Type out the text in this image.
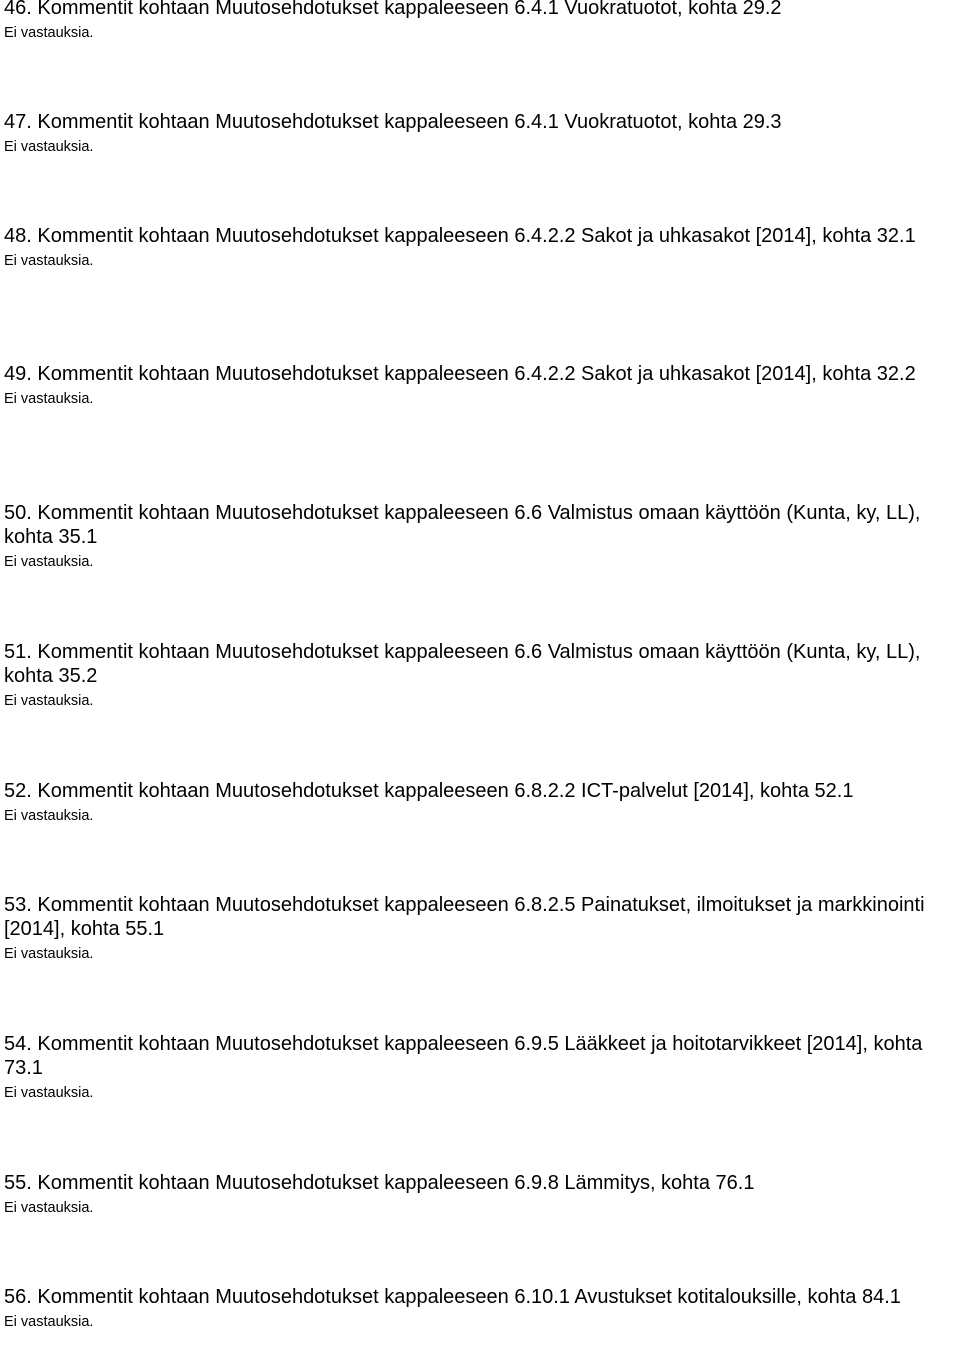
46. Kommentit kohtaan Muutosehdotukset kappaleeseen 6.4.1 Vuokratuotot, kohta 29.2

Ei vastauksia.

47. Kommentit kohtaan Muutosehdotukset kappaleeseen 6.4.1 Vuokratuotot, kohta 29.3

Ei vastauksia.

48. Kommentit kohtaan Muutosehdotukset kappaleeseen 6.4.2.2 Sakot ja uhkasakot [2014], kohta 32.1

Ei vastauksia.

49. Kommentit kohtaan Muutosehdotukset kappaleeseen 6.4.2.2 Sakot ja uhkasakot [2014], kohta 32.2

Ei vastauksia.

50. Kommentit kohtaan Muutosehdotukset kappaleeseen 6.6 Valmistus omaan käyttöön (Kunta, ky, LL), kohta 35.1

Ei vastauksia.

51. Kommentit kohtaan Muutosehdotukset kappaleeseen 6.6 Valmistus omaan käyttöön (Kunta, ky, LL), kohta 35.2

Ei vastauksia.

52. Kommentit kohtaan Muutosehdotukset kappaleeseen 6.8.2.2 ICT-palvelut [2014], kohta 52.1

Ei vastauksia.

53. Kommentit kohtaan Muutosehdotukset kappaleeseen 6.8.2.5 Painatukset, ilmoitukset ja markkinointi [2014], kohta 55.1

Ei vastauksia.

54. Kommentit kohtaan Muutosehdotukset kappaleeseen 6.9.5 Lääkkeet ja hoitotarvikkeet [2014], kohta 73.1

Ei vastauksia.

55. Kommentit kohtaan Muutosehdotukset kappaleeseen 6.9.8 Lämmitys, kohta 76.1

Ei vastauksia.

56. Kommentit kohtaan Muutosehdotukset kappaleeseen 6.10.1 Avustukset kotitalouksille, kohta 84.1

Ei vastauksia.
